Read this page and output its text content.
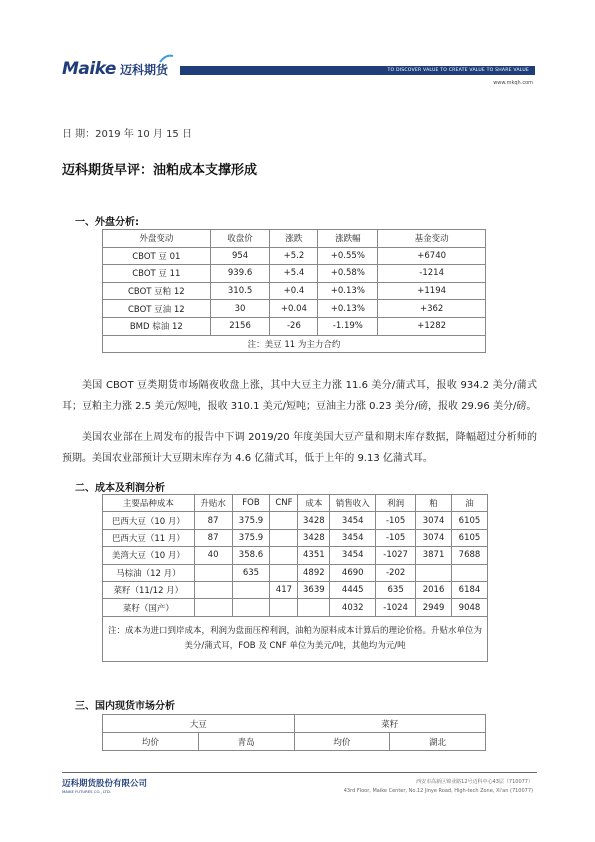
Maike 迈科期货	TO DISCOVER VALUE TO CREATE VALUE TO SHARE VALUE
www.mkqh.com
日 期：2019 年 10 月 15 日
迈科期货早评：油粕成本支撑形成
一、外盘分析:
外盘变动	收盘价	涨跌	涨跌幅	基金变动
CBOT 豆 01	954	+5.2	+0.55%	+6740
CBOT 豆 11	939.6	+5.4	+0.58%	-1214
CBOT 豆粕 12	310.5	+0.4	+0.13%	+1194
CBOT 豆油 12	30	+0.04	+0.13%	+362
BMD 棕油 12	2156	-26	-1.19%	+1282
注：美豆 11 为主力合约				
美国 CBOT 豆类期货市场隔夜收盘上涨，其中大豆主力涨 11.6 美分/蒲式耳，报收 934.2 美分/蒲式耳；豆粕主力涨 2.5 美元/短吨，报收 310.1 美元/短吨；豆油主力涨 0.23 美分/磅，报收 29.96 美分/磅。
美国农业部在上周发布的报告中下调 2019/20 年度美国大豆产量和期末库存数据，降幅超过分析师的预期。美国农业部预计大豆期末库存为 4.6 亿蒲式耳，低于上年的 9.13 亿蒲式耳。
二、成本及利润分析
主要品种成本	升贴水	FOB	CNF	成本	销售收入	利润	粕	油
巴西大豆（10 月）	87	375.9		3428	3454	-105	3074	6105
巴西大豆（11 月）	87	375.9		3428	3454	-105	3074	6105
美湾大豆（10 月）	40	358.6		4351	3454	-1027	3871	7688
马棕油（12 月）		635		4892	4690	-202		
菜籽（11/12 月）			417	3639	4445	635	2016	6184
菜籽（国产）					4032	-1024	2949	9048
注：成本为进口到岸成本，利润为盘面压榨利润，油粕为原料成本计算后的理论价格。升贴水单位为美分/蒲式耳，FOB 及 CNF 单位为美元/吨，其他均为元/吨								
三、国内现货市场分析
大豆		菜籽	
均价	青岛	均价	湖北
迈科期货股份有限公司
MAIKE FUTURES CO., LTD.
西安市高新区锦业路12号迈科中心43层（710077）
43rd Floor, Maike Center, No.12 Jinye Road, High-tech Zone, Xi'an (710077)
